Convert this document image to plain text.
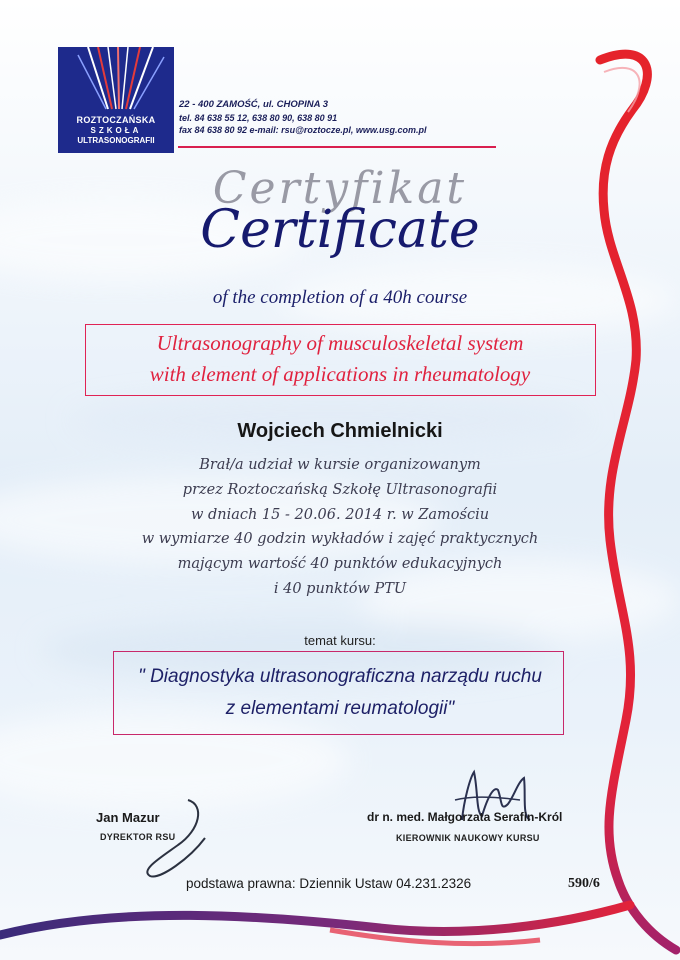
ROZTOCZAŃSKA
SZKOŁA
ULTRASONOGRAFII
22 - 400 ZAMOŚĆ, ul. CHOPINA 3
tel. 84 638 55 12, 638 80 90, 638 80 91
fax 84 638 80 92 e-mail: rsu@roztocze.pl, www.usg.com.pl
Certyfikat
Certificate
of the completion of a 40h course
Ultrasonography of musculoskeletal system
with element of applications in rheumatology
Wojciech Chmielnicki
Brał/a udział w kursie organizowanym
przez Roztoczańską Szkołę Ultrasonografii
w dniach 15 - 20.06. 2014 r. w Zamościu
w wymiarze 40 godzin wykładów i zajęć praktycznych
mającym wartość 40 punktów edukacyjnych
i 40 punktów PTU
temat kursu:
" Diagnostyka ultrasonograficzna narządu ruchu
z elementami reumatologii"
Jan Mazur
DYREKTOR RSU
dr n. med. Małgorzata Serafin-Król
KIEROWNIK NAUKOWY KURSU
podstawa prawna: Dziennik Ustaw 04.231.2326	590/6
